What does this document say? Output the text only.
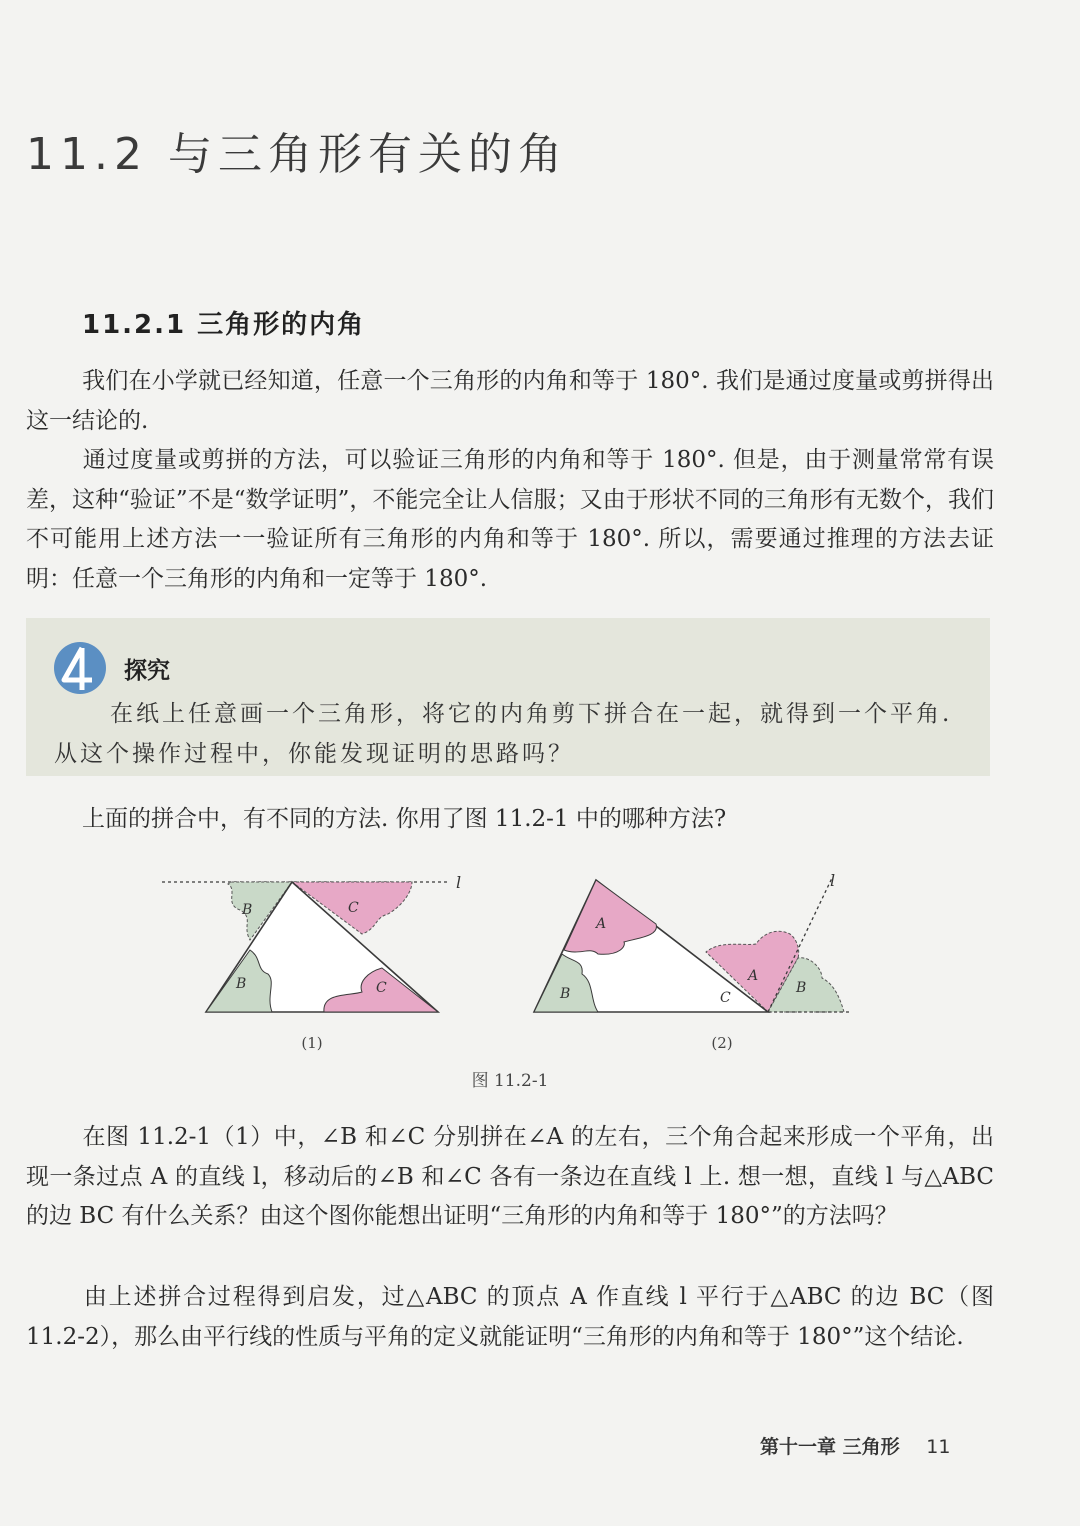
11.2 与三角形有关的角
11.2.1 三角形的内角
我们在小学就已经知道，任意一个三角形的内角和等于 180°. 我们是通过度量或剪拼得出这一结论的.
通过度量或剪拼的方法，可以验证三角形的内角和等于 180°. 但是，由于测量常常有误差，这种“验证”不是“数学证明”，不能完全让人信服；又由于形状不同的三角形有无数个，我们不可能用上述方法一一验证所有三角形的内角和等于 180°. 所以，需要通过推理的方法去证明：任意一个三角形的内角和一定等于 180°.
探究
在纸上任意画一个三角形，将它的内角剪下拼合在一起，就得到一个平角. 从这个操作过程中，你能发现证明的思路吗？
上面的拼合中，有不同的方法. 你用了图 11.2-1 中的哪种方法?
l
B	C
B	C
A
B
l
A
B	C
(1)	(2)
图 11.2-1
在图 11.2-1（1）中，∠B 和∠C 分别拼在∠A 的左右，三个角合起来形成一个平角，出现一条过点 A 的直线 l，移动后的∠B 和∠C 各有一条边在直线 l 上. 想一想，直线 l 与△ABC 的边 BC 有什么关系？由这个图你能想出证明“三角形的内角和等于 180°”的方法吗？
由上述拼合过程得到启发，过△ABC 的顶点 A 作直线 l 平行于△ABC 的边 BC（图 11.2-2），那么由平行线的性质与平角的定义就能证明“三角形的内角和等于 180°”这个结论.
第十一章 三角形 11
